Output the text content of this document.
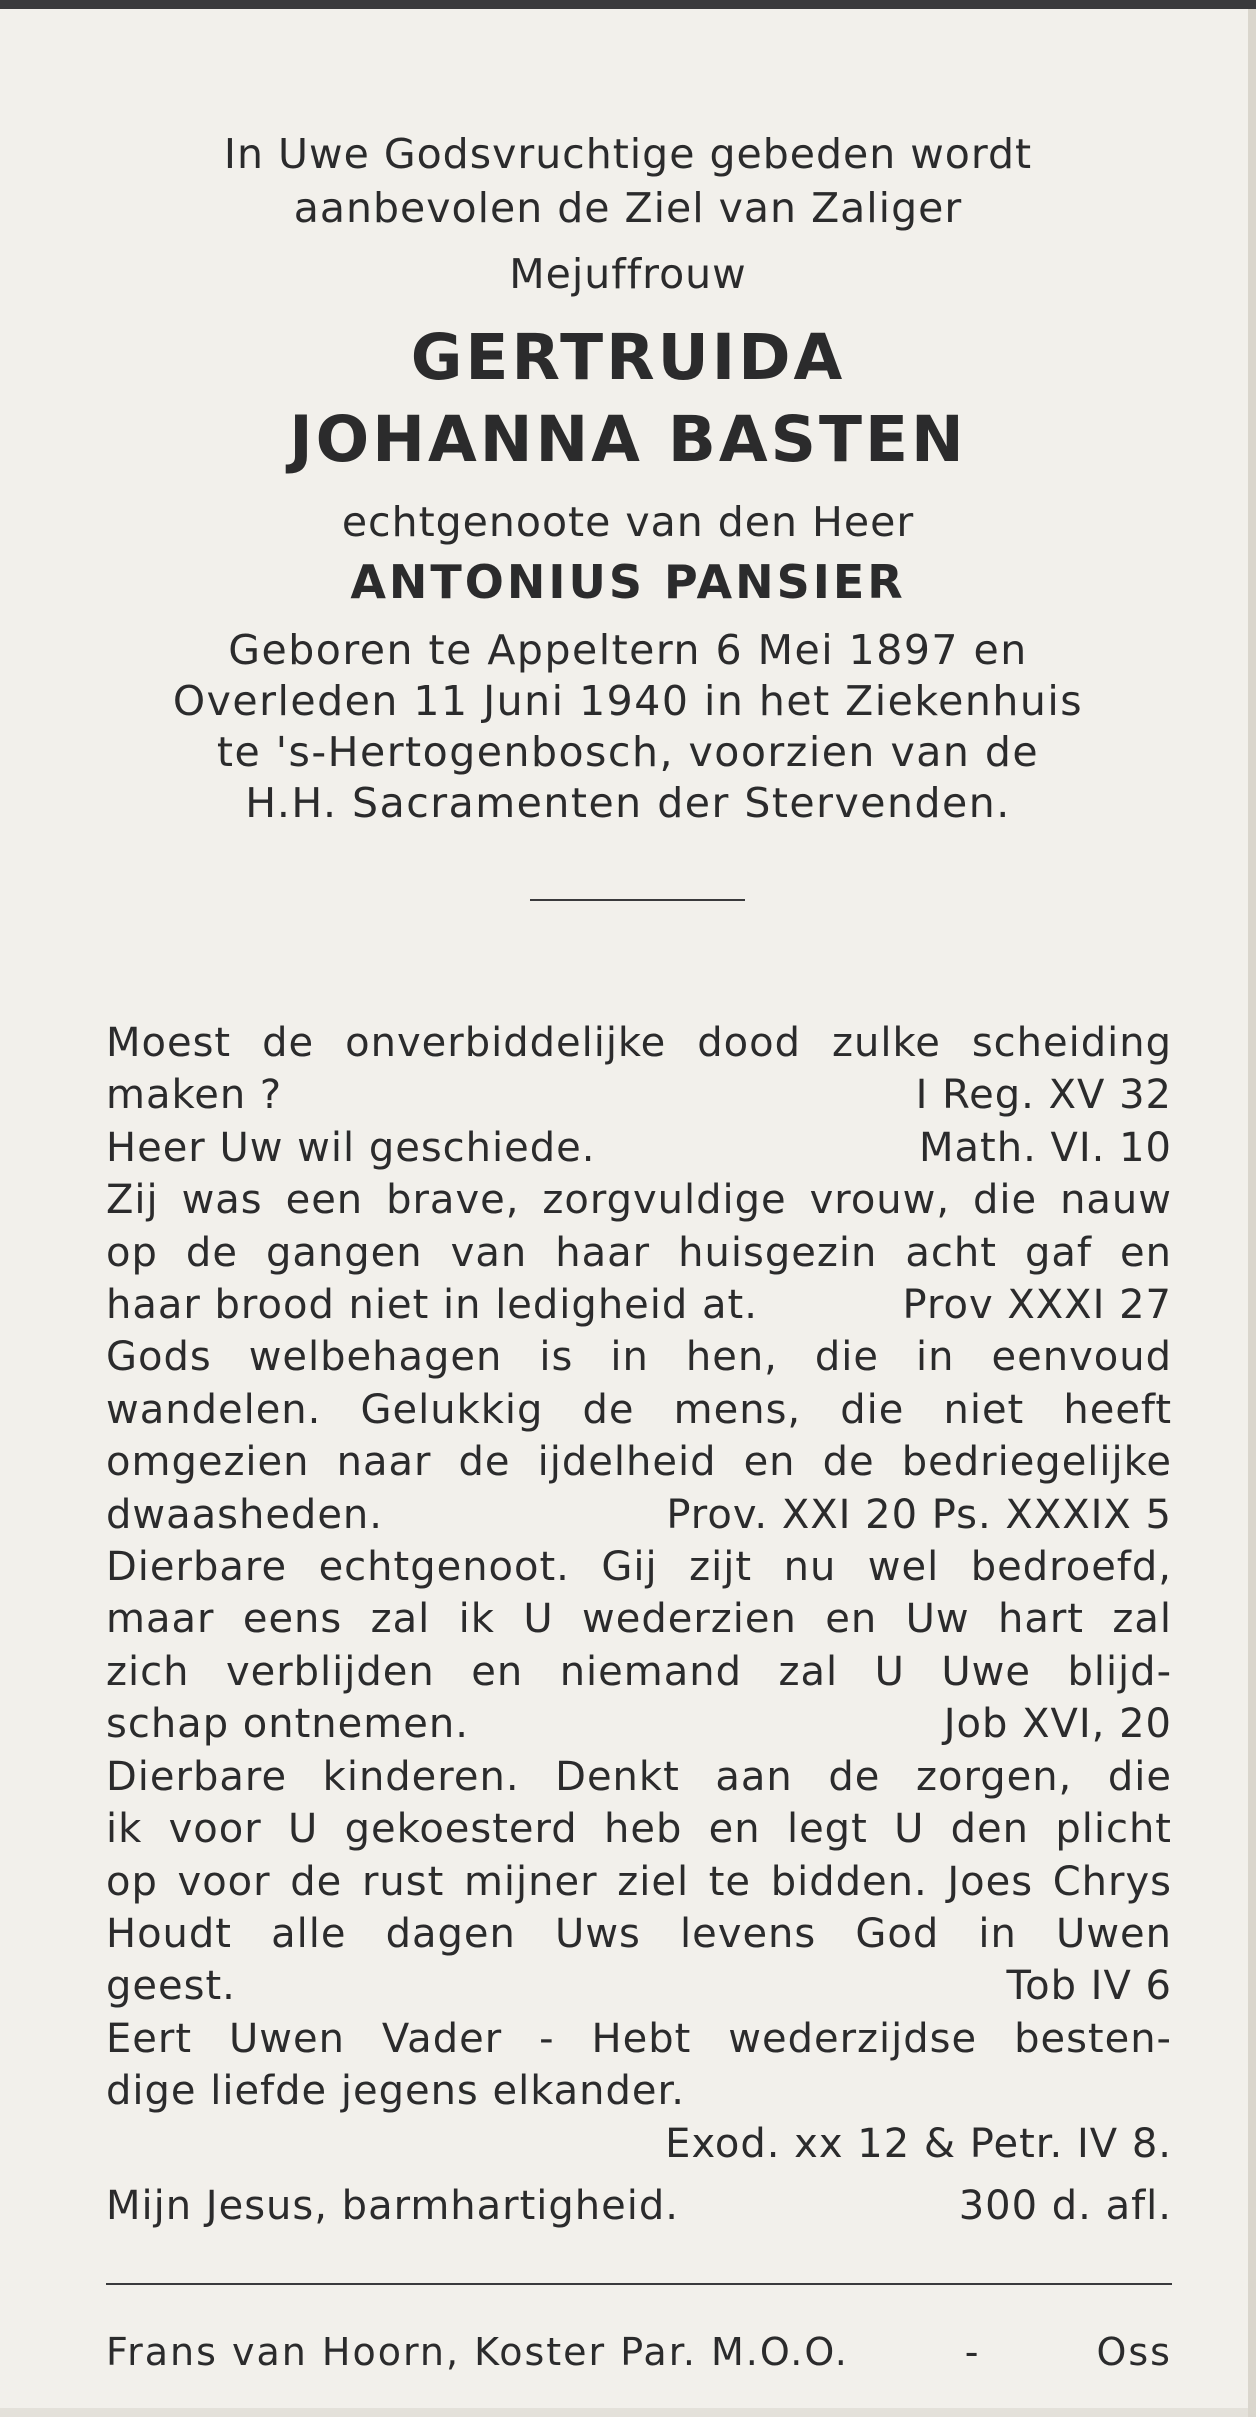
In Uwe Godsvruchtige gebeden wordt
aanbevolen de Ziel van Zaliger
Mejuffrouw
GERTRUIDA
JOHANNA BASTEN
echtgenoote van den Heer
ANTONIUS PANSIER
Geboren te Appeltern 6 Mei 1897 en
Overleden 11 Juni 1940 in het Ziekenhuis
te 's-Hertogenbosch, voorzien van de
H.H. Sacramenten der Stervenden.
Moest de onverbiddelijke dood zulke scheiding
maken ?	I Reg. XV 32
Heer Uw wil geschiede.	Math. VI. 10
Zij was een brave, zorgvuldige vrouw, die nauw
op de gangen van haar huisgezin acht gaf en
haar brood niet in ledigheid at.	Prov XXXI 27
Gods welbehagen is in hen, die in eenvoud
wandelen. Gelukkig de mens, die niet heeft
omgezien naar de ijdelheid en de bedriegelijke
dwaasheden.	Prov. XXI 20 Ps. XXXIX 5
Dierbare echtgenoot. Gij zijt nu wel bedroefd,
maar eens zal ik U wederzien en Uw hart zal
zich verblijden en niemand zal U Uwe blijd-
schap ontnemen.	Job XVI, 20
Dierbare kinderen. Denkt aan de zorgen, die
ik voor U gekoesterd heb en legt U den plicht
op voor de rust mijner ziel te bidden. Joes Chrys
Houdt alle dagen Uws levens God in Uwen
geest.	Tob IV 6
Eert Uwen Vader - Hebt wederzijdse besten-
dige liefde jegens elkander.
Exod. xx 12 & Petr. IV 8.
Mijn Jesus, barmhartigheid.	300 d. afl.
Frans van Hoorn, Koster Par. M.O.O.	-	Oss
